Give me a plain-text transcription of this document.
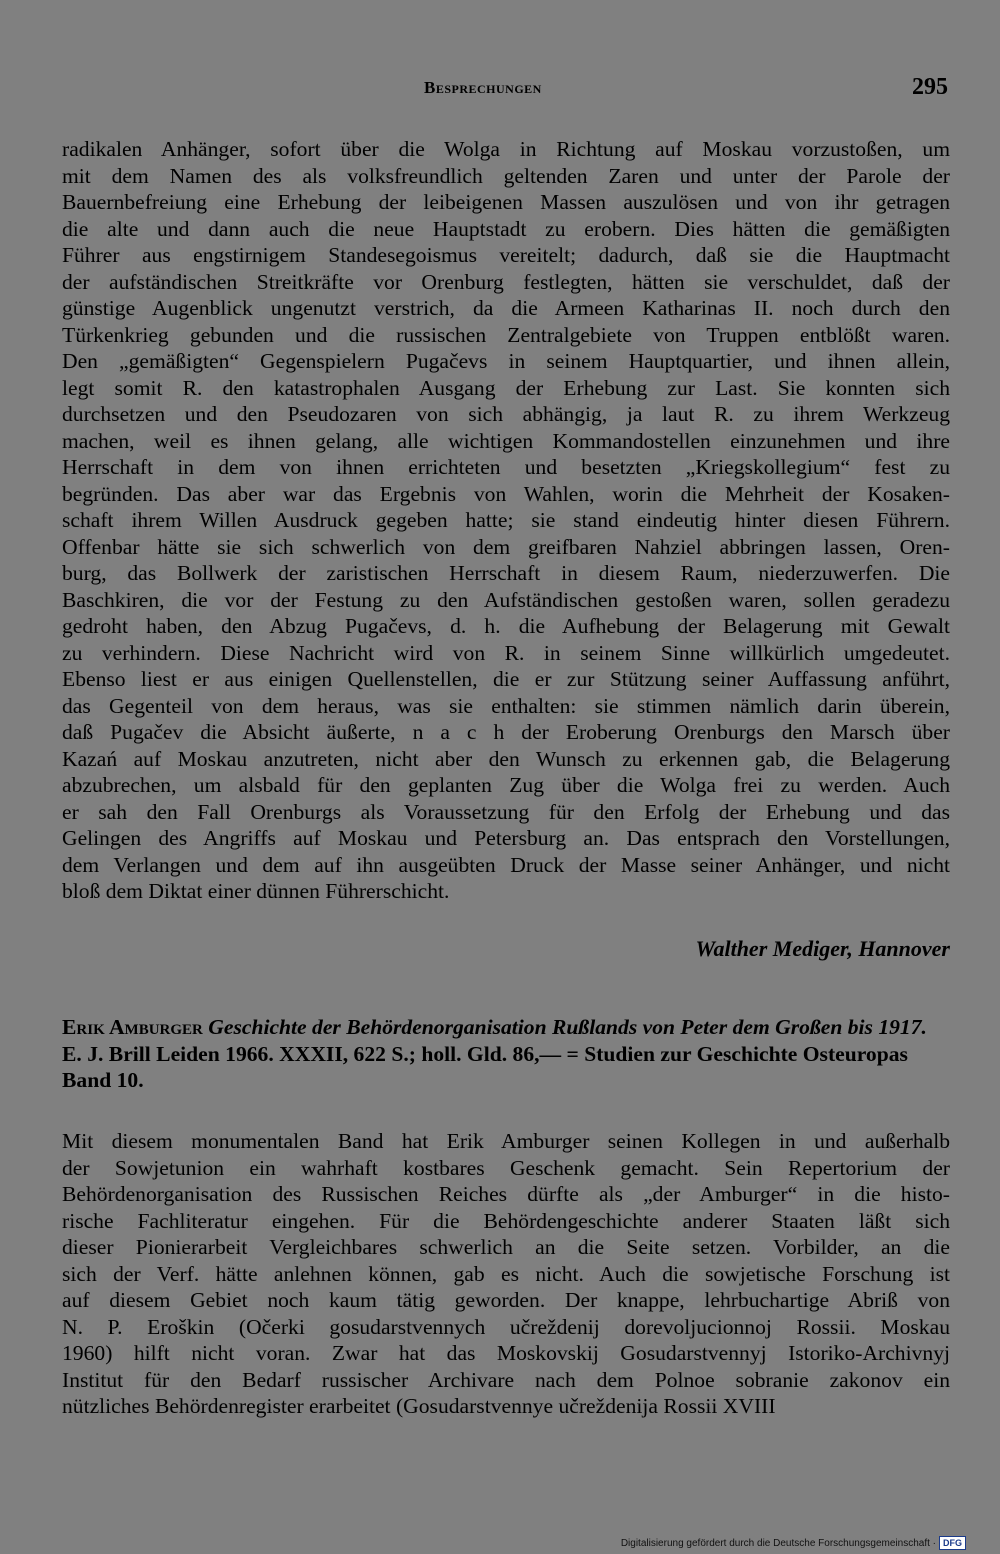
Besprechungen	295

radikalen Anhänger, sofort über die Wolga in Richtung auf Moskau vorzustoßen, um
mit dem Namen des als volksfreundlich geltenden Zaren und unter der Parole der
Bauernbefreiung eine Erhebung der leibeigenen Massen auszulösen und von ihr getragen
die alte und dann auch die neue Hauptstadt zu erobern. Dies hätten die gemäßigten
Führer aus engstirnigem Standesegoismus vereitelt; dadurch, daß sie die Hauptmacht
der aufständischen Streitkräfte vor Orenburg festlegten, hätten sie verschuldet, daß der
günstige Augenblick ungenutzt verstrich, da die Armeen Katharinas II. noch durch den
Türkenkrieg gebunden und die russischen Zentralgebiete von Truppen entblößt waren.
Den „gemäßigten“ Gegenspielern Pugačevs in seinem Hauptquartier, und ihnen allein,
legt somit R. den katastrophalen Ausgang der Erhebung zur Last. Sie konnten sich
durchsetzen und den Pseudozaren von sich abhängig, ja laut R. zu ihrem Werkzeug
machen, weil es ihnen gelang, alle wichtigen Kommandostellen einzunehmen und ihre
Herrschaft in dem von ihnen errichteten und besetzten „Kriegskollegium“ fest zu
begründen. Das aber war das Ergebnis von Wahlen, worin die Mehrheit der Kosaken-
schaft ihrem Willen Ausdruck gegeben hatte; sie stand eindeutig hinter diesen Führern.
Offenbar hätte sie sich schwerlich von dem greifbaren Nahziel abbringen lassen, Oren-
burg, das Bollwerk der zaristischen Herrschaft in diesem Raum, niederzuwerfen. Die
Baschkiren, die vor der Festung zu den Aufständischen gestoßen waren, sollen geradezu
gedroht haben, den Abzug Pugačevs, d. h. die Aufhebung der Belagerung mit Gewalt
zu verhindern. Diese Nachricht wird von R. in seinem Sinne willkürlich umgedeutet.
Ebenso liest er aus einigen Quellenstellen, die er zur Stützung seiner Auffassung anführt,
das Gegenteil von dem heraus, was sie enthalten: sie stimmen nämlich darin überein,
daß Pugačev die Absicht äußerte, n a c h der Eroberung Orenburgs den Marsch über
Kazań auf Moskau anzutreten, nicht aber den Wunsch zu erkennen gab, die Belagerung
abzubrechen, um alsbald für den geplanten Zug über die Wolga frei zu werden. Auch
er sah den Fall Orenburgs als Voraussetzung für den Erfolg der Erhebung und das
Gelingen des Angriffs auf Moskau und Petersburg an. Das entsprach den Vorstellungen,
dem Verlangen und dem auf ihn ausgeübten Druck der Masse seiner Anhänger, und nicht
bloß dem Diktat einer dünnen Führerschicht.

Walther Mediger, Hannover

Erik Amburger Geschichte der Behördenorganisation Rußlands von Peter dem Großen bis 1917. E. J. Brill Leiden 1966. XXXII, 622 S.; holl. Gld. 86,— = Studien zur Geschichte Osteuropas Band 10.

Mit diesem monumentalen Band hat Erik Amburger seinen Kollegen in und außerhalb
der Sowjetunion ein wahrhaft kostbares Geschenk gemacht. Sein Repertorium der
Behördenorganisation des Russischen Reiches dürfte als „der Amburger“ in die histo-
rische Fachliteratur eingehen. Für die Behördengeschichte anderer Staaten läßt sich
dieser Pionierarbeit Vergleichbares schwerlich an die Seite setzen. Vorbilder, an die
sich der Verf. hätte anlehnen können, gab es nicht. Auch die sowjetische Forschung ist
auf diesem Gebiet noch kaum tätig geworden. Der knappe, lehrbuchartige Abriß von
N. P. Eroškin (Očerki gosudarstvennych učreždenij dorevoljucionnoj Rossii. Moskau
1960) hilft nicht voran. Zwar hat das Moskovskij Gosudarstvennyj Istoriko-Archivnyj
Institut für den Bedarf russischer Archivare nach dem Polnoe sobranie zakonov ein
nützliches Behördenregister erarbeitet (Gosudarstvennye učreždenija Rossii XVIII

Digitalisierung gefördert durch die Deutsche Forschungsgemeinschaft · DFG
